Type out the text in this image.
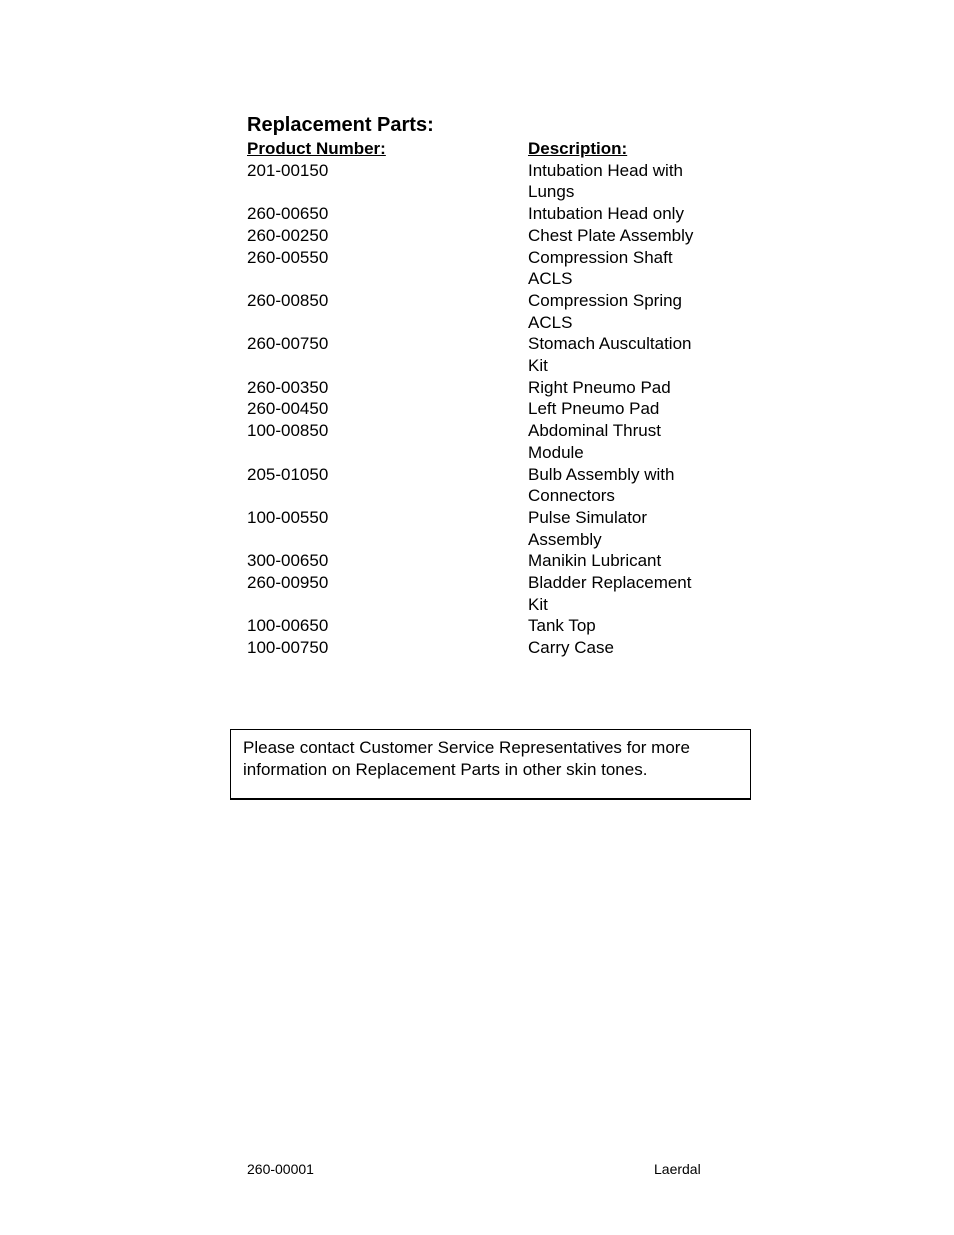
Replacement Parts:
Product Number:	Description:
201-00150	Intubation Head with Lungs
260-00650	Intubation Head only
260-00250	Chest Plate Assembly
260-00550	Compression Shaft ACLS
260-00850	Compression Spring ACLS
260-00750	Stomach Auscultation Kit
260-00350	Right Pneumo Pad
260-00450	Left Pneumo Pad
100-00850	Abdominal Thrust Module
205-01050	Bulb Assembly with Connectors
100-00550	Pulse Simulator Assembly
300-00650	Manikin Lubricant
260-00950	Bladder Replacement Kit
100-00650	Tank Top
100-00750	Carry Case
Please contact Customer Service Representatives for more information on Replacement Parts in other skin tones.
260-00001	Laerdal
